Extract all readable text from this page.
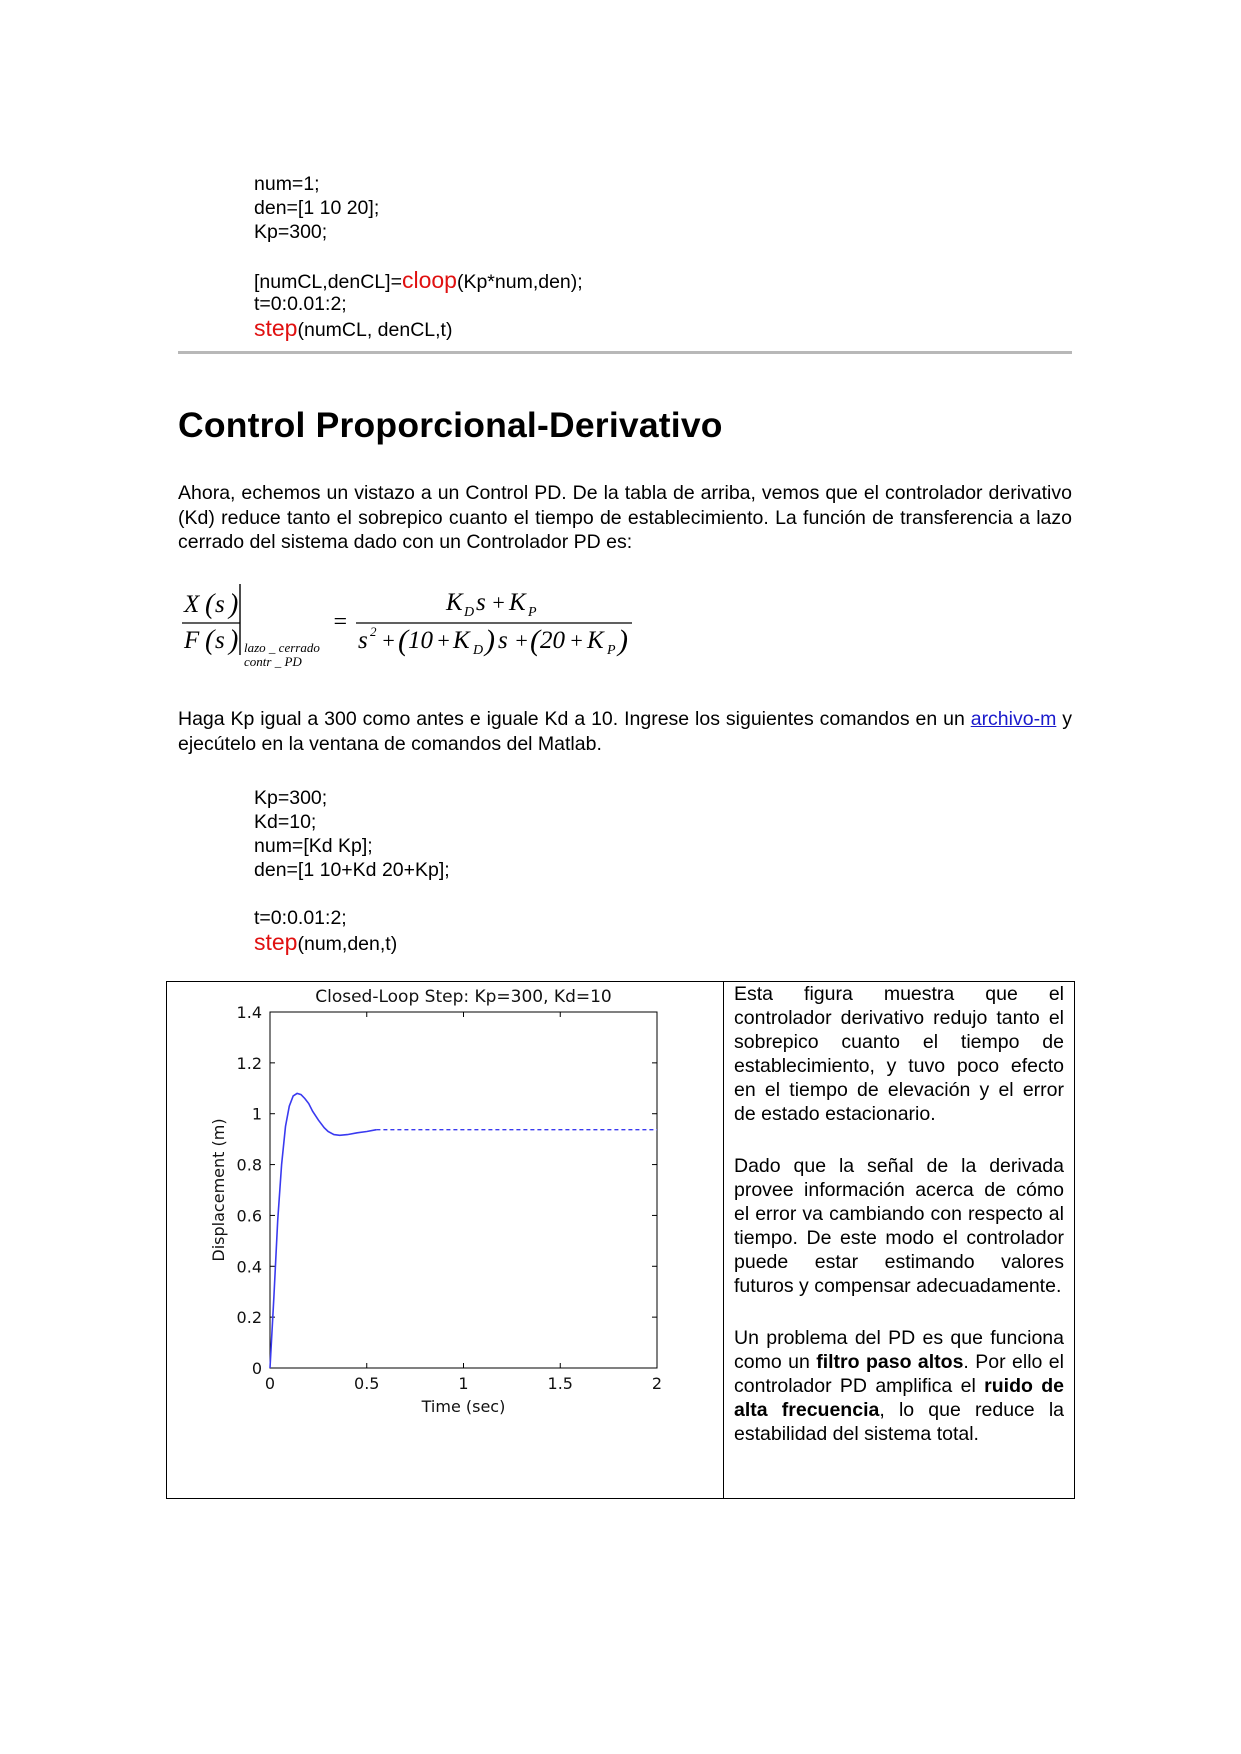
num=1;
den=[1 10 20];
Kp=300;
[numCL,denCL]=cloop(Kp*num,den);
t=0:0.01:2;
step(numCL, denCL,t)
Control Proporcional-Derivativo
Ahora, echemos un vistazo a un Control PD. De la tabla de arriba, vemos que el controlador derivativo (Kd) reduce tanto el sobrepico cuanto el tiempo de establecimiento. La función de transferencia a lazo cerrado del sistema dado con un Controlador PD es:
X ( s )
F ( s ) lazo _ cerrado
contr _ PD
=
K D s + K P
s 2 + ( 10 + K D ) s + ( 20 + K P )
Haga Kp igual a 300 como antes e iguale Kd a 10. Ingrese los siguientes comandos en un archivo-m y ejecútelo en la ventana de comandos del Matlab.
Kp=300;
Kd=10;
num=[Kd Kp];
den=[1 10+Kd 20+Kp];
t=0:0.01:2;
step(num,den,t)
Closed-Loop Step: Kp=300, Kd=10
0	0.5	1	1.5	2
0
0.2
0.4
0.6
0.8
1
1.2
1.4
Time (sec)
Displacement (m)

Esta figura muestra que el controlador derivativo redujo tanto el sobrepico cuanto el tiempo de establecimiento, y tuvo poco efecto en el tiempo de elevación y el error de estado estacionario.

Dado que la señal de la derivada provee información acerca de cómo el error va cambiando con respecto al tiempo. De este modo el controlador puede estar estimando valores futuros y compensar adecuadamente.

Un problema del PD es que funciona como un filtro paso altos. Por ello el controlador PD amplifica el ruido de alta frecuencia, lo que reduce la estabilidad del sistema total.
